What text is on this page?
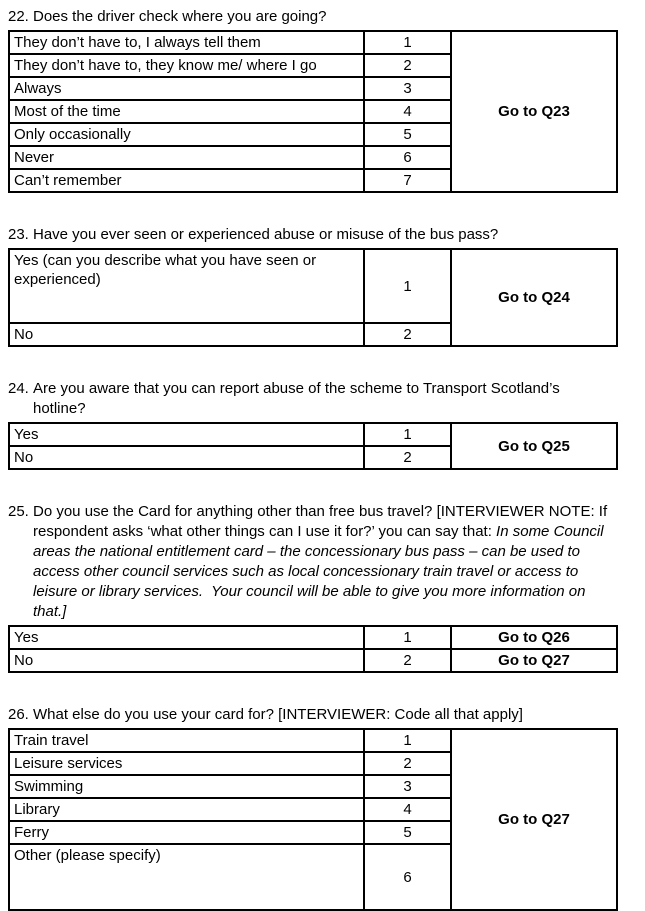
22. Does the driver check where you are going?
They don’t have to, I always tell them	1	Go to Q23
They don’t have to, they know me/ where I go	2	
Always	3	
Most of the time	4	
Only occasionally	5	
Never	6	
Can’t remember	7	
23. Have you ever seen or experienced abuse or misuse of the bus pass?
Yes (can you describe what you have seen or experienced)	1	Go to Q24
No	2	
24. Are you aware that you can report abuse of the scheme to Transport Scotland’s hotline?
Yes	1	Go to Q25
No	2	
25. Do you use the Card for anything other than free bus travel? [INTERVIEWER NOTE: If respondent asks ‘what other things can I use it for?’ you can say that: In some Council areas the national entitlement card – the concessionary bus pass – can be used to access other council services such as local concessionary train travel or access to leisure or library services.  Your council will be able to give you more information on that.]
Yes	1	Go to Q26
No	2	Go to Q27
26. What else do you use your card for? [INTERVIEWER: Code all that apply]
Train travel	1	Go to Q27
Leisure services	2	
Swimming	3	
Library	4	
Ferry	5	
Other (please specify)	6	
